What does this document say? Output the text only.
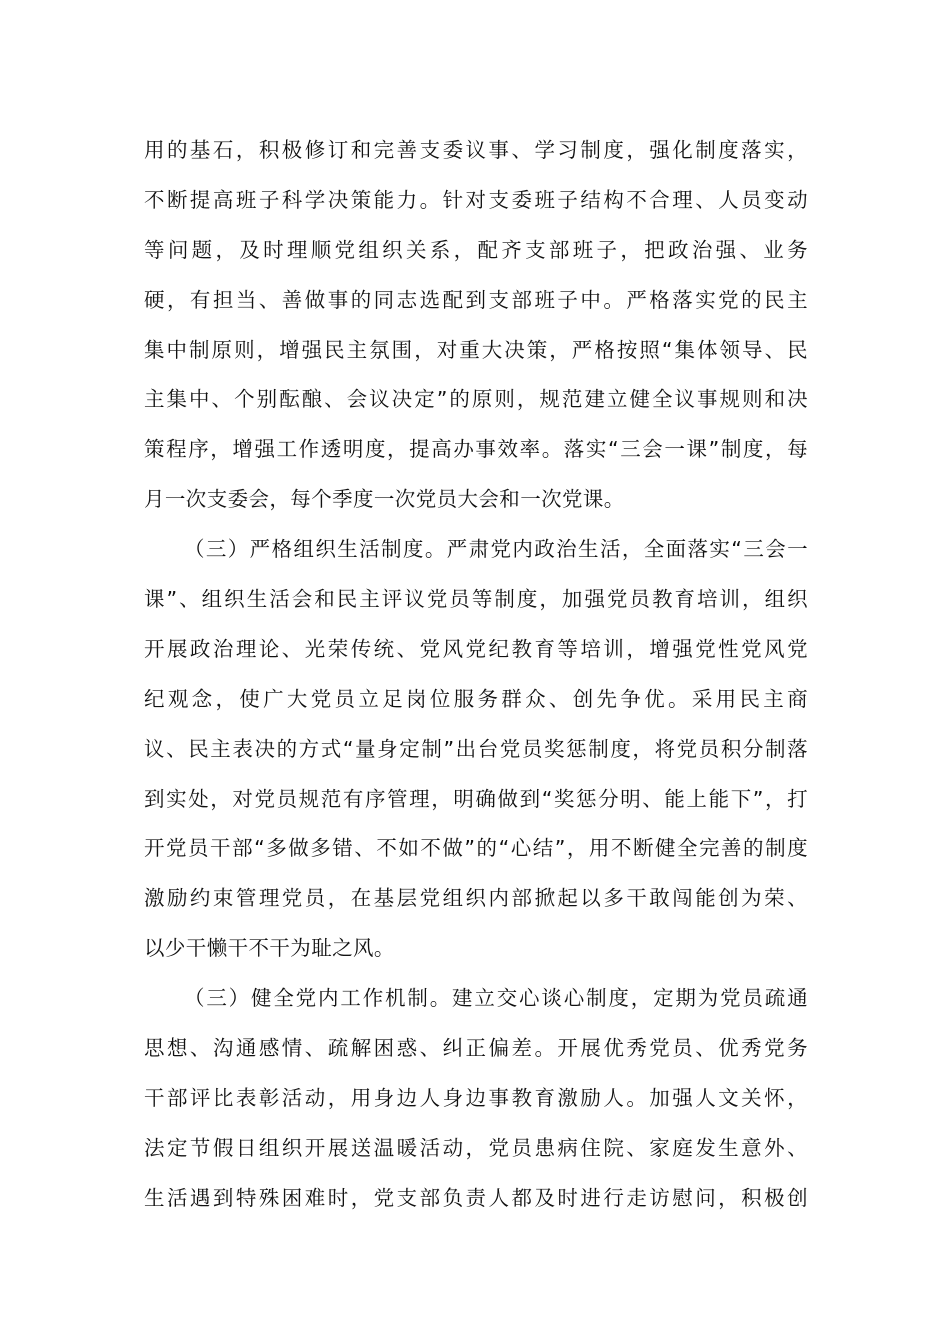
用的基石，积极修订和完善支委议事、学习制度，强化制度落实，
不断提高班子科学决策能力。针对支委班子结构不合理、人员变动
等问题，及时理顺党组织关系，配齐支部班子，把政治强、业务
硬，有担当、善做事的同志选配到支部班子中。严格落实党的民主
集中制原则，增强民主氛围，对重大决策，严格按照“集体领导、民
主集中、个别酝酿、会议决定”的原则，规范建立健全议事规则和决
策程序，增强工作透明度，提高办事效率。落实“三会一课”制度，每
月一次支委会，每个季度一次党员大会和一次党课。
（三）严格组织生活制度。严肃党内政治生活，全面落实“三会一
课”、组织生活会和民主评议党员等制度，加强党员教育培训，组织
开展政治理论、光荣传统、党风党纪教育等培训，增强党性党风党
纪观念，使广大党员立足岗位服务群众、创先争优。采用民主商
议、民主表决的方式“量身定制”出台党员奖惩制度，将党员积分制落
到实处，对党员规范有序管理，明确做到“奖惩分明、能上能下”，打
开党员干部“多做多错、不如不做”的“心结”，用不断健全完善的制度
激励约束管理党员，在基层党组织内部掀起以多干敢闯能创为荣、
以少干懒干不干为耻之风。
（三）健全党内工作机制。建立交心谈心制度，定期为党员疏通
思想、沟通感情、疏解困惑、纠正偏差。开展优秀党员、优秀党务
干部评比表彰活动，用身边人身边事教育激励人。加强人文关怀，
法定节假日组织开展送温暖活动，党员患病住院、家庭发生意外、
生活遇到特殊困难时，党支部负责人都及时进行走访慰问，积极创
